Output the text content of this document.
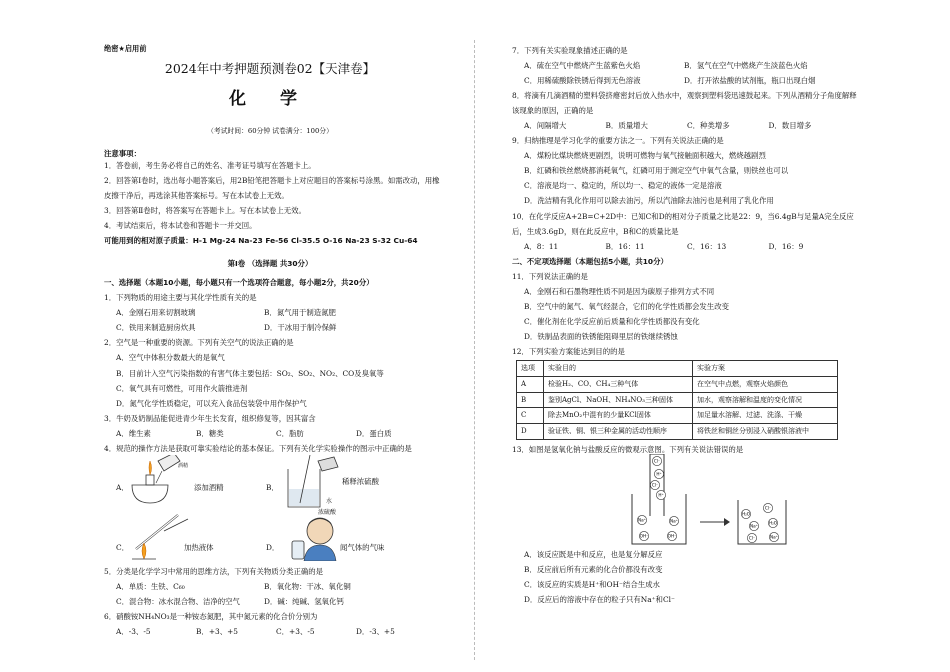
绝密★启用前

2024年中考押题预测卷02【天津卷】

化 学

（考试时间：60分钟 试卷满分：100分）

注意事项：

1．答卷前，考生务必将自己的姓名、准考证号填写在答题卡上。

2．回答第Ⅰ卷时，选出每小题答案后，用2B铅笔把答题卡上对应题目的答案标号涂黑。如需改动，用橡

皮擦干净后，再选涂其他答案标号。写在本试卷上无效。

3．回答第Ⅱ卷时，将答案写在答题卡上。写在本试卷上无效。

4．考试结束后，将本试卷和答题卡一并交回。

可能用到的相对原子质量：H-1 Mg-24 Na-23 Fe-56 Cl-35.5 O-16 Na-23 S-32 Cu-64

第Ⅰ卷 （选择题 共30分）

一、选择题（本题10小题，每小题只有一个选项符合题意，每小题2分，共20分）

1．下列物质的用途主要与其化学性质有关的是

A．金刚石用来切割玻璃	B．氮气用于制造氮肥
C．铁用来制造厨房炊具	D．干冰用于制冷保鲜

2．空气是一种重要的资源。下列有关空气的说法正确的是

A．空气中体积分数最大的是氧气

B．目前计入空气污染指数的有害气体主要包括：SO₂、SO₂、NO₂、CO及臭氧等

C．氧气具有可燃性，可用作火箭推进剂

D．氮气化学性质稳定，可以充入食品包装袋中用作保护气

3．牛奶及奶制品能促进青少年生长发育，组织修复等，因其富含

A．维生素	B．糖类	C．脂肪	D．蛋白质

4．规范的操作方法是获取可靠实验结论的基本保证。下列有关化学实验操作的图示中正确的是

A．
酒精
添加酒精	B．
稀释浓硫酸
水
浓硫酸
C．	加热液体	D．	闻气体的气味

5．分类是化学学习中常用的思维方法，下列有关物质分类正确的是

A．单质：生铁、C₆₀	B．氧化物：干冰、氧化铜
C．混合物：冰水混合物、洁净的空气	D．碱：纯碱、氢氧化钙

6．硝酸铵NH₄NO₃是一种铵态氮肥，其中氮元素的化合价分别为

A．-3、-5	B．+3、+5	C．+3、-5	D．-3、+5

7．下列有关实验现象描述正确的是

A．硫在空气中燃烧产生蓝紫色火焰	B．氢气在空气中燃烧产生淡蓝色火焰
C．用稀硫酸除铁锈后得到无色溶液	D．打开浓盐酸的试剂瓶，瓶口出现白烟

8．将滴有几滴酒精的塑料袋挤瘪密封后放入热水中，观察到塑料袋迅速鼓起来。下列从酒精分子角度解释

该现象的原因，正确的是

A．间隔增大	B．质量增大	C．种类增多	D．数目增多

9．归纳推理是学习化学的重要方法之一。下列有关说法正确的是

A．煤粉比煤块燃烧更剧烈，说明可燃物与氧气接触面积越大，燃烧越剧烈

B．红磷和铁丝燃烧都消耗氧气，红磷可用于测定空气中氧气含量，则铁丝也可以

C．溶液是均一、稳定的，所以均一、稳定的液体一定是溶液

D．洗洁精有乳化作用可以除去油污，所以汽油除去油污也是利用了乳化作用

10．在化学反应A+2B=C+2D中：已知C和D的相对分子质量之比是22：9，当6.4gB与足量A完全反应

后，生成3.6gD，则在此反应中，B和C的质量比是

A．8：11	B．16：11	C．16：13	D．16：9

二、不定项选择题（本题包括5小题，共10分）

11．下列说法正确的是

A．金刚石和石墨物理性质不同是因为碳原子排列方式不同

B．空气中的氮气、氧气经混合，它们的化学性质都会发生改变

C．催化剂在化学反应前后质量和化学性质都没有变化

D．铁制品表面的铁锈能阻碍里层的铁继续锈蚀

12．下列实验方案能达到目的的是

选项	实验目的	实验方案
A	检验H₂、CO、CH₄三种气体	在空气中点燃，观察火焰颜色
B	鉴别AgCl、NaOH、NH₄NO₃三种固体	加水，观察溶解和温度的变化情况
C	除去MnO₂中混有的少量KCl固体	加足量水溶解、过滤、洗涤、干燥
D	验证铁、铜、银三种金属的活动性顺序	将铁丝和铜丝分别浸入硝酸银溶液中

13．如图是氢氧化钠与盐酸反应的微观示意图。下列有关说法错误的是

Cl⁻
H⁺
Cl⁻
H⁺
Na⁺	Na⁺
OH⁻	OH⁻
Cl⁻
H₂O
Na⁺
H₂O
Cl⁻	Na⁺

A．该反应既是中和反应，也是复分解反应

B．反应前后所有元素的化合价都没有改变

C．该反应的实质是H⁺和OH⁻结合生成水

D．反应后的溶液中存在的粒子只有Na⁺和Cl⁻
